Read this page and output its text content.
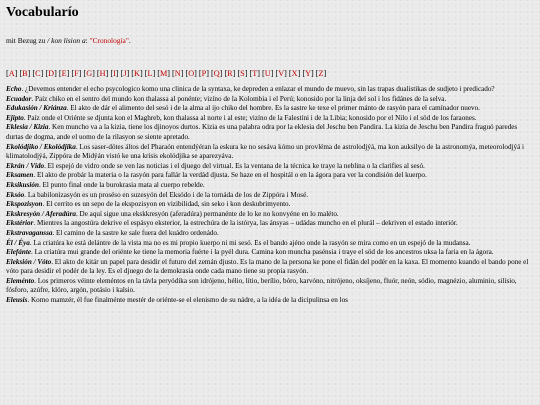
Vocabularío
mit Bezug zu / kon lision a: "Cronología".
[A] [B] [C] [D] [E] [F] [G] [H] [I] [J] [K] [L] [M] [N] [O] [P] [Q] [R] [S] [T] [U] [V] [X] [Y] [Z]

Echo. ¿Devemos entender el echo psycologico komo una clinica de la syntaxa, ke depreden a enlazar el mundo de muevo, sin las trapas dualistikas de sudjeto i predicado?

Ecuador. Paíz chiko en el sentro del mundo kon thalassa al ponénte; vizíno de la Kolombia i el Perú; konosido por la linja del sol i los fidánes de la selva.

Edukasión / Kriánza. El akto de dár el alimento del sesó i de la alma al ijo chiko del hombre. Es la sastre ke texe el primer mánto de rasyón para el camínador nuevo.

Ejipto. Paíz onde el Oriénte se djunta kon el Maghreb, kon thalassa al norte i al este; vizíno de la Falestíni i de la Libia; konosido por el Nilo i el söd de los faraones.

Eklesia / Kizia. Ken muncho va a la kizia, tiene los djinoyos durtos. Kizia es una palabra odra por la eklesia del Jeschu ben Pandira. La kizia de Jeschu ben Pandira fraguó paredes durtas de dogma, ande el uomo de la rilasyon se siente apretado.

Ekolódjiko / Ekolódjika. Los saser-dótes áltos del Pharaón entendýéran la eskura ke no sesáva kómo un provléma de astrolodjýá, ma kon auksilyo de la astronomýa, meteorolodjýá i klimatolodjýá, Zippóra de Midýán vistó ke una krísis ekolódjika se aparezyáva.

Ekrán / Vído. El espejó de vidro onde se ven las noticias i el djuego del virtual. Es la ventana de la técnica ke traye la neblina o la clarifies al sesó.

Eksamen. El akto de probár la materia o la rasyón para fallár la verdád djusta. Se haze en el hospitál o en la ágora para ver la condisión del kuerpo.

Eksikusión. El punto final onde la burokrasia mata al cuerpo rebelde.

Eksóo. La babilonizasyón es un proséso en suzesyón del Eksódo i de la tornáda de los de Zippóra i Mosé.

Ekspozisyon. El cerrito es un sepo de la ekspozisyon en vizibilidad, sin seko i kon deskubrimyento.

Ekskresyón / Aferadúra. De aquí sigue una ekskkresyón (aferadúra) permanénte de lo ke no konvyéne en lo maléto.

Ekstérior. Mientres la angostúra dekrive el espásyo eksterior, la estrechúra de la istórya, las ánsyas – udádas muncho en el plurál – dekriven el estado interiór.

Ekstravaganssa. El camino de la sastre ke sale fuera del kuádro ordenádo.

Él / Éya. La criatúra ke está delántre de la vista ma no es mi propio kuerpo ni mi sesó. Es el bando ajéno onde la rasyón se mira como en un espejó de la mudansa.

Elefánte. La criatúra mui grande del oriénte ke tiene la memoria fuérte i la pyél dura. Camina kon muncha pasénsia i traye el söd de los ancestros uksa la faria en la ágora.

Eleksión / Vóto. El akto de kitár un papel para desidir el futuro del zemán djusto. Es la mano de la persona ke pone el fidán del podér en la kaxa. El momento kuando el bando pone el vóto para desidir el podér de la ley. Es el djuego de la demokrasia onde cada mano tiene su propia rasyón.

Eleménto. Los primeros véinte eleméntos en la távla peryódika son idrójeno, hélio, lítio, berílio, bóro, karvóno, nitrójeno, oksíjeno, fluór, neón, sódio, magnézio, aluminio, silísio, fósforo, azúfre, klóro, argón, potásio i kalsio.

Eleusis. Komo mamzér, él fue finalménte mestér de oriénte-se el elenismo de su nádre, a la idéa de la dicipulinsa en los
